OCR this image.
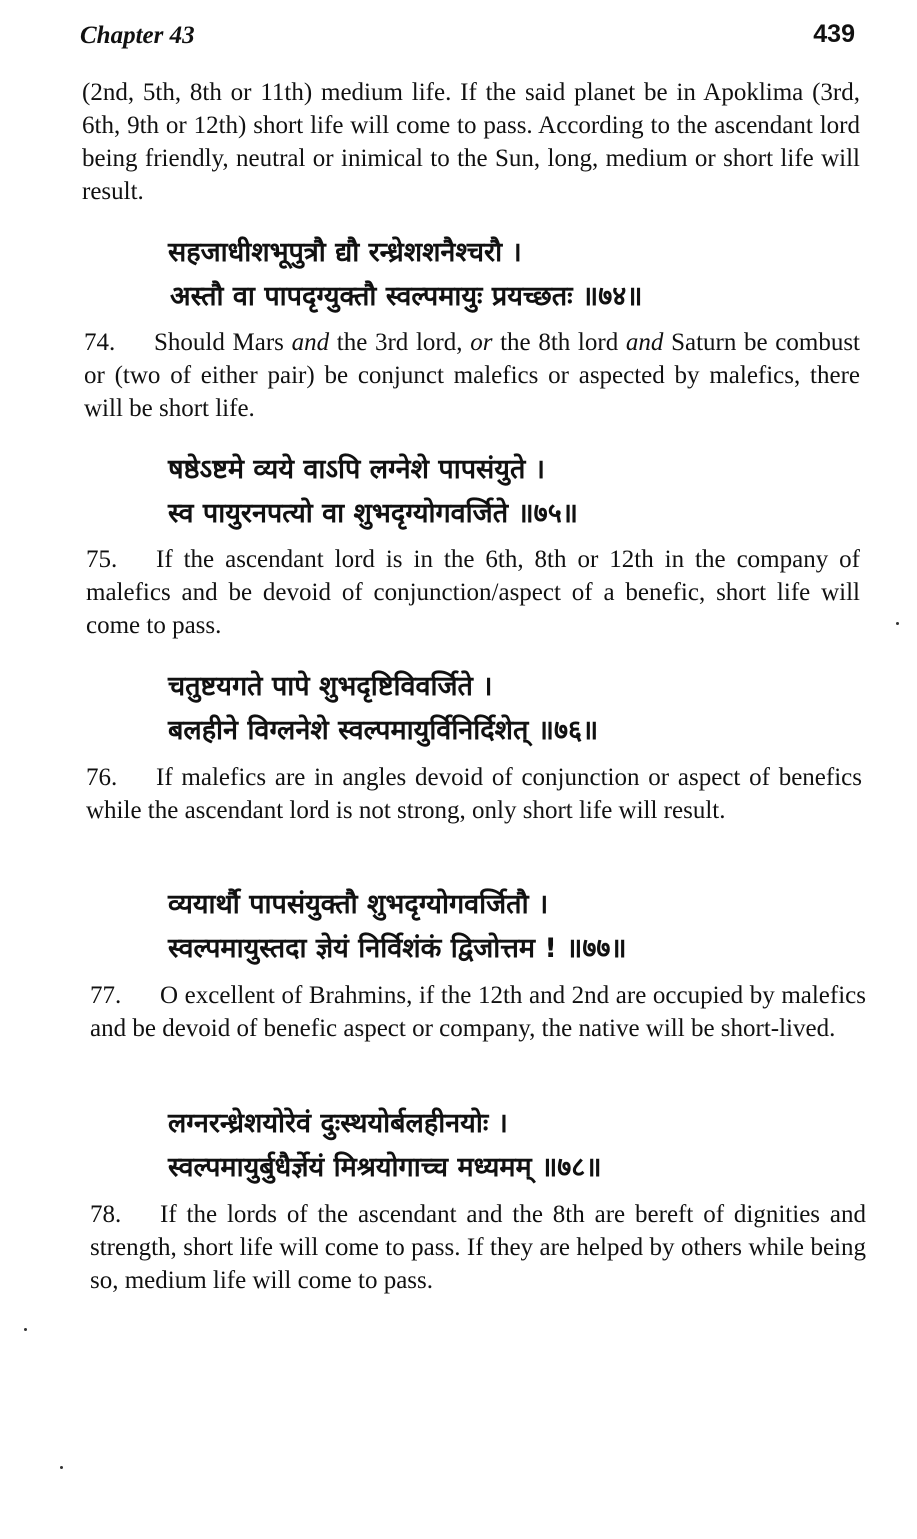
Chapter 43	439
(2nd, 5th, 8th or 11th) medium life. If the said planet be in Apoklima (3rd, 6th, 9th or 12th) short life will come to pass. According to the ascendant lord being friendly, neutral or inimical to the Sun, long, medium or short life will result.
सहजाधीशभूपुत्रौ द्यौ रन्ध्रेशशनैश्चरौ ।
अस्तौ वा पापदृग्युक्तौ स्वल्पमायुः प्रयच्छतः ॥७४॥
74. Should Mars and the 3rd lord, or the 8th lord and Saturn be combust or (two of either pair) be conjunct malefics or aspected by malefics, there will be short life.
षष्ठेऽष्टमे व्यये वाऽपि लग्नेशे पापसंयुते ।
स्व पायुरनपत्यो वा शुभदृग्योगवर्जिते ॥७५॥
75. If the ascendant lord is in the 6th, 8th or 12th in the company of malefics and be devoid of conjunction/aspect of a benefic, short life will come to pass.
चतुष्टयगते पापे शुभदृष्टिविवर्जिते ।
बलहीने विग्लनेशे स्वल्पमायुर्विनिर्दिशेत् ॥७६॥
76. If malefics are in angles devoid of conjunction or aspect of benefics while the ascendant lord is not strong, only short life will result.
व्ययार्थौ पापसंयुक्तौ शुभदृग्योगवर्जितौ ।
स्वल्पमायुस्तदा ज्ञेयं निर्विशंकं द्विजोत्तम ! ॥७७॥
77. O excellent of Brahmins, if the 12th and 2nd are occupied by malefics and be devoid of benefic aspect or company, the native will be short-lived.
लग्नरन्ध्रेशयोरेवं दुःस्थयोर्बलहीनयोः ।
स्वल्पमायुर्बुधैर्ज्ञेयं मिश्रयोगाच्च मध्यमम् ॥७८॥
78. If the lords of the ascendant and the 8th are bereft of dignities and strength, short life will come to pass. If they are helped by others while being so, medium life will come to pass.
